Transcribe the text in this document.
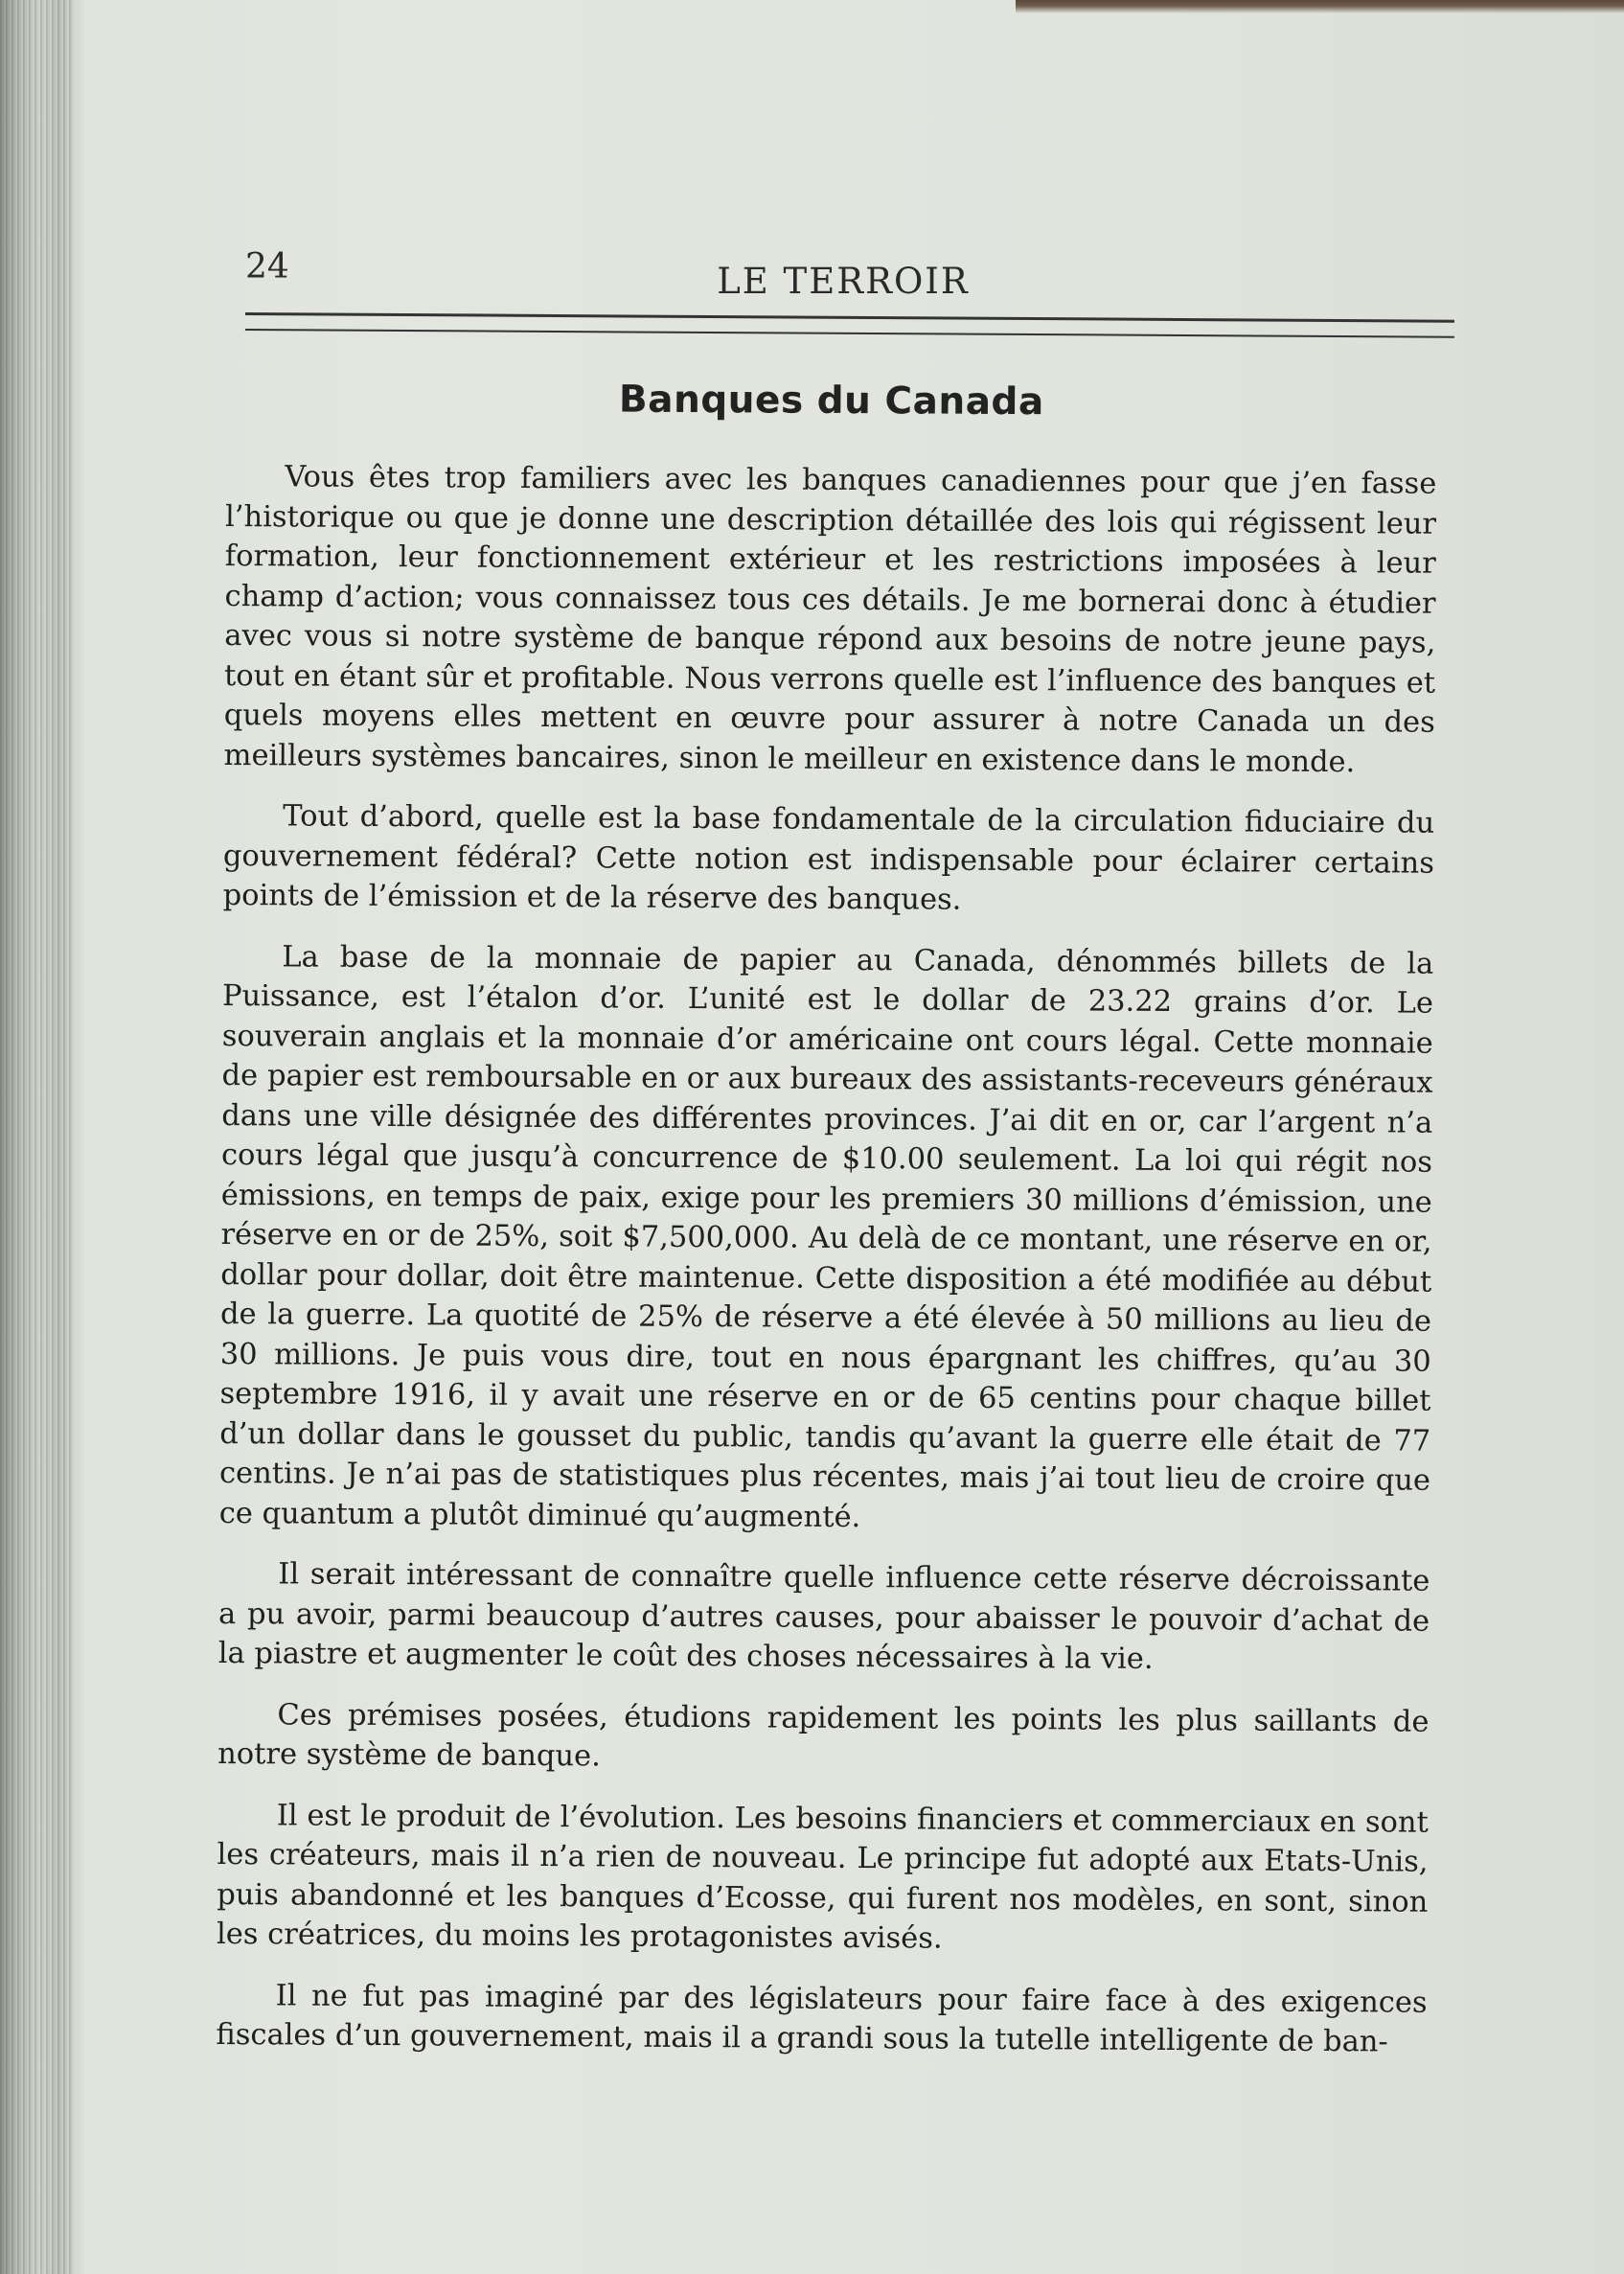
24	LE TERROIR
Banques du Canada

Vous êtes trop familiers avec les banques canadiennes pour que j’en fasse l’historique ou que je donne une description détaillée des lois qui régissent leur formation, leur fonctionnement extérieur et les restrictions imposées à leur champ d’action; vous connaissez tous ces détails. Je me bornerai donc à étudier avec vous si notre système de banque répond aux besoins de notre jeune pays, tout en étant sûr et profitable. Nous verrons quelle est l’influence des banques et quels moyens elles mettent en œuvre pour assurer à notre Canada un des meilleurs systèmes bancaires, sinon le meilleur en existence dans le monde.

Tout d’abord, quelle est la base fondamentale de la circulation fiduciaire du gouvernement fédéral? Cette notion est indispensable pour éclairer certains points de l’émission et de la réserve des banques.

La base de la monnaie de papier au Canada, dénommés billets de la Puissance, est l’étalon d’or. L’unité est le dollar de 23.22 grains d’or. Le souverain anglais et la monnaie d’or américaine ont cours légal. Cette monnaie de papier est remboursable en or aux bureaux des assistants-receveurs généraux dans une ville désignée des différentes provinces. J’ai dit en or, car l’argent n’a cours légal que jusqu’à concurrence de $10.00 seulement. La loi qui régit nos émissions, en temps de paix, exige pour les premiers 30 millions d’émission, une réserve en or de 25%, soit $7,500,000. Au delà de ce montant, une réserve en or, dollar pour dollar, doit être maintenue. Cette disposition a été modifiée au début de la guerre. La quotité de 25% de réserve a été élevée à 50 millions au lieu de 30 millions. Je puis vous dire, tout en nous épargnant les chiffres, qu’au 30 septembre 1916, il y avait une réserve en or de 65 centins pour chaque billet d’un dollar dans le gousset du public, tandis qu’avant la guerre elle était de 77 centins. Je n’ai pas de statistiques plus récentes, mais j’ai tout lieu de croire que ce quantum a plutôt diminué qu’augmenté.

Il serait intéressant de connaître quelle influence cette réserve décroissante a pu avoir, parmi beaucoup d’autres causes, pour abaisser le pouvoir d’achat de la piastre et augmenter le coût des choses nécessaires à la vie.

Ces prémises posées, étudions rapidement les points les plus saillants de notre système de banque.

Il est le produit de l’évolution. Les besoins financiers et commerciaux en sont les créateurs, mais il n’a rien de nouveau. Le principe fut adopté aux Etats-Unis, puis abandonné et les banques d’Ecosse, qui furent nos modèles, en sont, sinon les créatrices, du moins les protagonistes avisés.

Il ne fut pas imaginé par des législateurs pour faire face à des exigences fiscales d’un gouvernement, mais il a grandi sous la tutelle intelligente de ban-
